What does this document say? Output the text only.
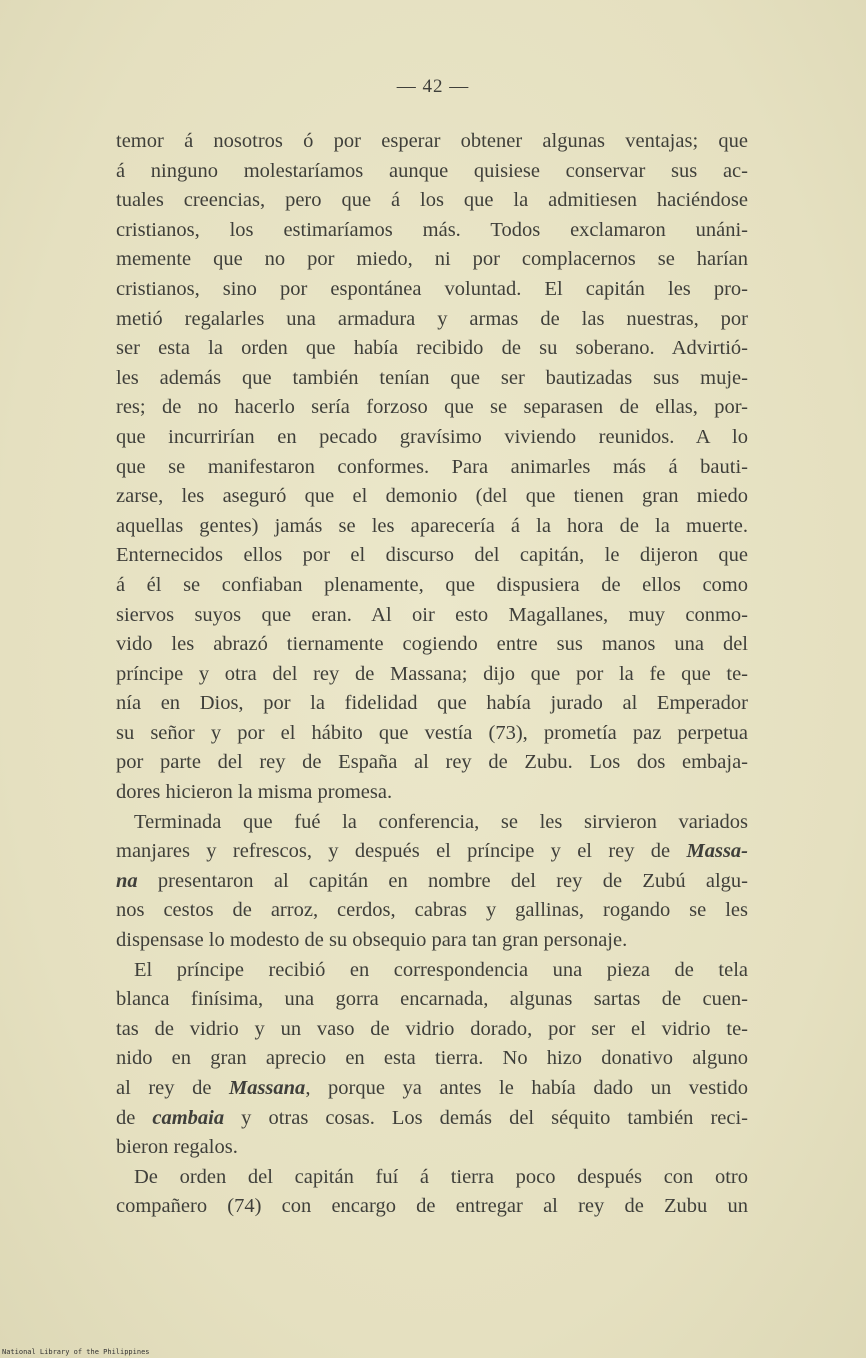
— 42 —
temor á nosotros ó por esperar obtener algunas ventajas; que
á ninguno molestaríamos aunque quisiese conservar sus ac-
tuales creencias, pero que á los que la admitiesen haciéndose
cristianos, los estimaríamos más. Todos exclamaron unáni-
memente que no por miedo, ni por complacernos se harían
cristianos, sino por espontánea voluntad. El capitán les pro-
metió regalarles una armadura y armas de las nuestras, por
ser esta la orden que había recibido de su soberano. Advirtió-
les además que también tenían que ser bautizadas sus muje-
res; de no hacerlo sería forzoso que se separasen de ellas, por-
que incurrirían en pecado gravísimo viviendo reunidos. A lo
que se manifestaron conformes. Para animarles más á bauti-
zarse, les aseguró que el demonio (del que tienen gran miedo
aquellas gentes) jamás se les aparecería á la hora de la muerte.
Enternecidos ellos por el discurso del capitán, le dijeron que
á él se confiaban plenamente, que dispusiera de ellos como
siervos suyos que eran. Al oir esto Magallanes, muy conmo-
vido les abrazó tiernamente cogiendo entre sus manos una del
príncipe y otra del rey de Massana; dijo que por la fe que te-
nía en Dios, por la fidelidad que había jurado al Emperador
su señor y por el hábito que vestía (73), prometía paz perpetua
por parte del rey de España al rey de Zubu. Los dos embaja-
dores hicieron la misma promesa.
Terminada que fué la conferencia, se les sirvieron variados
manjares y refrescos, y después el príncipe y el rey de Massa-
na presentaron al capitán en nombre del rey de Zubú algu-
nos cestos de arroz, cerdos, cabras y gallinas, rogando se les
dispensase lo modesto de su obsequio para tan gran personaje.
El príncipe recibió en correspondencia una pieza de tela
blanca finísima, una gorra encarnada, algunas sartas de cuen-
tas de vidrio y un vaso de vidrio dorado, por ser el vidrio te-
nido en gran aprecio en esta tierra. No hizo donativo alguno
al rey de Massana, porque ya antes le había dado un vestido
de cambaia y otras cosas. Los demás del séquito también reci-
bieron regalos.
De orden del capitán fuí á tierra poco después con otro
compañero (74) con encargo de entregar al rey de Zubu un
National Library of the Philippines
